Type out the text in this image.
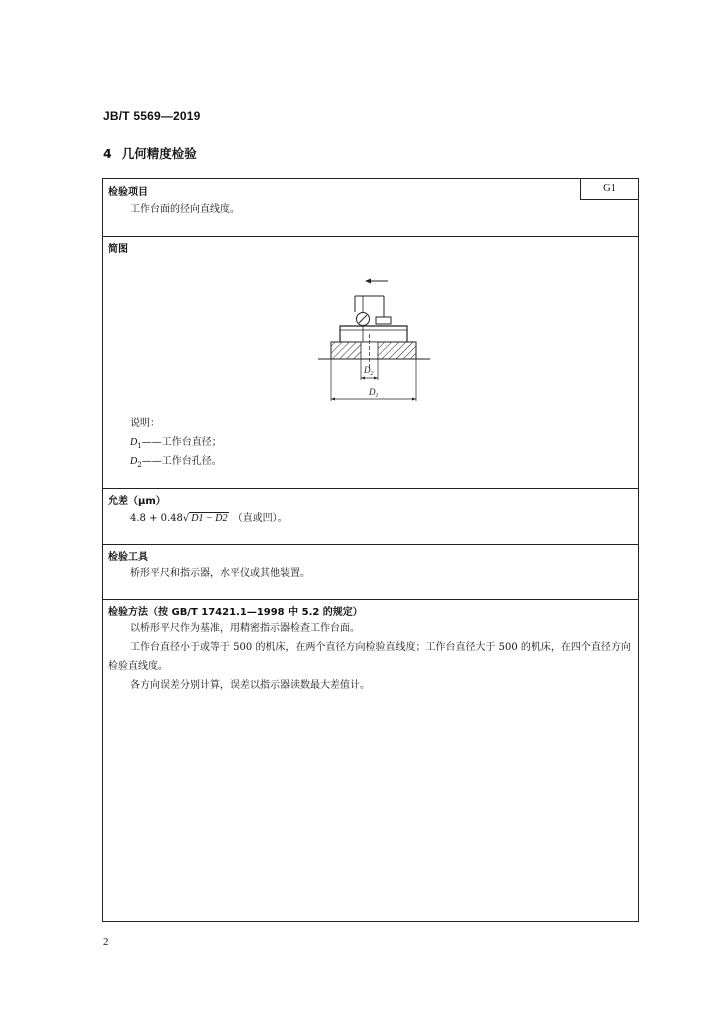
JB/T 5569—2019
4 几何精度检验
G1
检验项目
工作台面的径向直线度。
简图
$D_2$
$D_1$
说明：
$D_1——$工作台直径；
$D_2——$工作台孔径。
允差（μm）
4.8 + 0.48√ D1 − D2 （直或凹）。
检验工具
桥形平尺和指示器，水平仪或其他装置。
检验方法（按 GB/T 17421.1—1998 中 5.2 的规定）
以桥形平尺作为基准，用精密指示器检查工作台面。
工作台直径小于或等于 500 的机床，在两个直径方向检验直线度；工作台直径大于 500 的机床，在四个直径方向
检验直线度。
各方向误差分别计算，误差以指示器读数最大差值计。
2
